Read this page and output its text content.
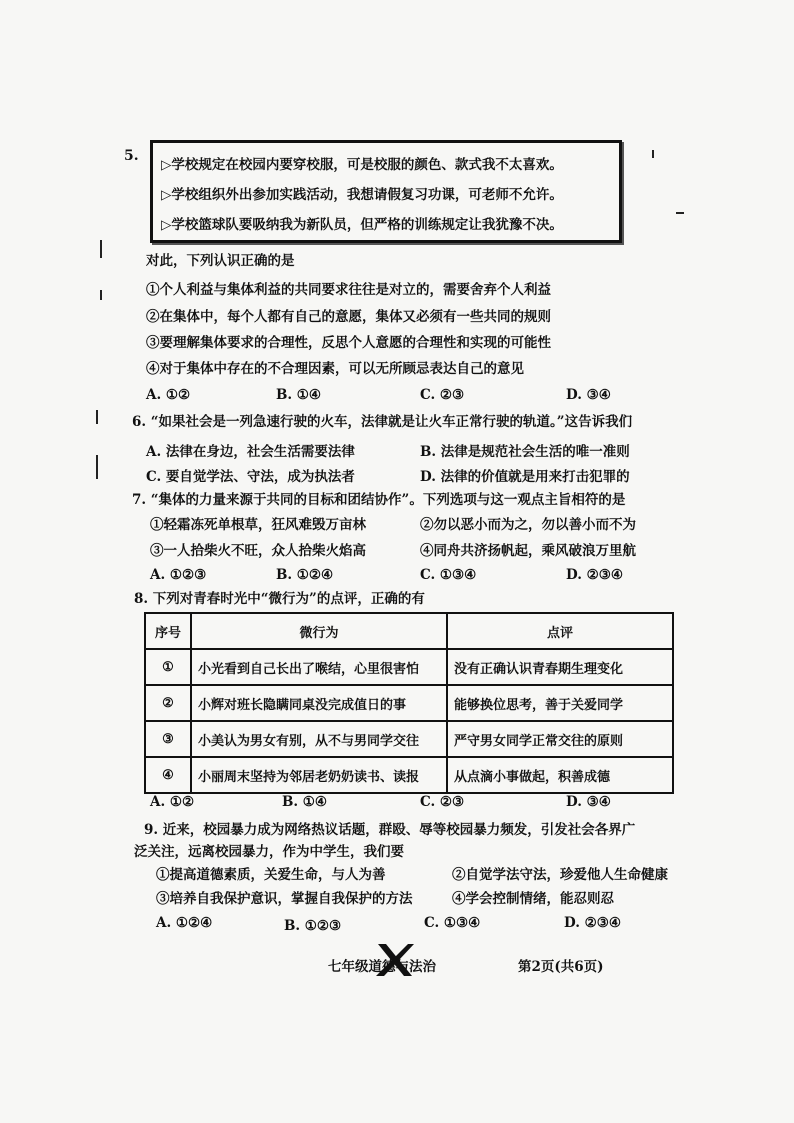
5.
▷学校规定在校园内要穿校服，可是校服的颜色、款式我不太喜欢。
▷学校组织外出参加实践活动，我想请假复习功课，可老师不允许。
▷学校篮球队要吸纳我为新队员，但严格的训练规定让我犹豫不决。
对此，下列认识正确的是
①个人利益与集体利益的共同要求往往是对立的，需要舍弃个人利益
②在集体中，每个人都有自己的意愿，集体又必须有一些共同的规则
③要理解集体要求的合理性，反思个人意愿的合理性和实现的可能性
④对于集体中存在的不合理因素，可以无所顾忌表达自己的意见
A. ①②	B. ①④	C. ②③	D. ③④
6. “如果社会是一列急速行驶的火车，法律就是让火车正常行驶的轨道。”这告诉我们
A. 法律在身边，社会生活需要法律	B. 法律是规范社会生活的唯一准则
C. 要自觉学法、守法，成为执法者	D. 法律的价值就是用来打击犯罪的
7. “集体的力量来源于共同的目标和团结协作”。下列选项与这一观点主旨相符的是
①轻霜冻死单根草，狂风难毁万亩林	②勿以恶小而为之，勿以善小而不为
③一人拾柴火不旺，众人拾柴火焰高	④同舟共济扬帆起，乘风破浪万里航
A. ①②③	B. ①②④	C. ①③④	D. ②③④
8. 下列对青春时光中“微行为”的点评，正确的有
序号	微行为	点评
①	小光看到自己长出了喉结，心里很害怕	没有正确认识青春期生理变化
②	小辉对班长隐瞒同桌没完成值日的事	能够换位思考，善于关爱同学
③	小美认为男女有别，从不与男同学交往	严守男女同学正常交往的原则
④	小丽周末坚持为邻居老奶奶读书、读报	从点滴小事做起，积善成德
A. ①②	B. ①④	C. ②③	D. ③④
9. 近来，校园暴力成为网络热议话题，群殴、辱等校园暴力频发，引发社会各界广
泛关注，远离校园暴力，作为中学生，我们要
①提高道德素质，关爱生命，与人为善	②自觉学法守法，珍爱他人生命健康
③培养自我保护意识，掌握自我保护的方法	④学会控制情绪，能忍则忍
A. ①②④	B. ①②③	C. ①③④	D. ②③④
七年级道德与法治	第2页(共6页)
